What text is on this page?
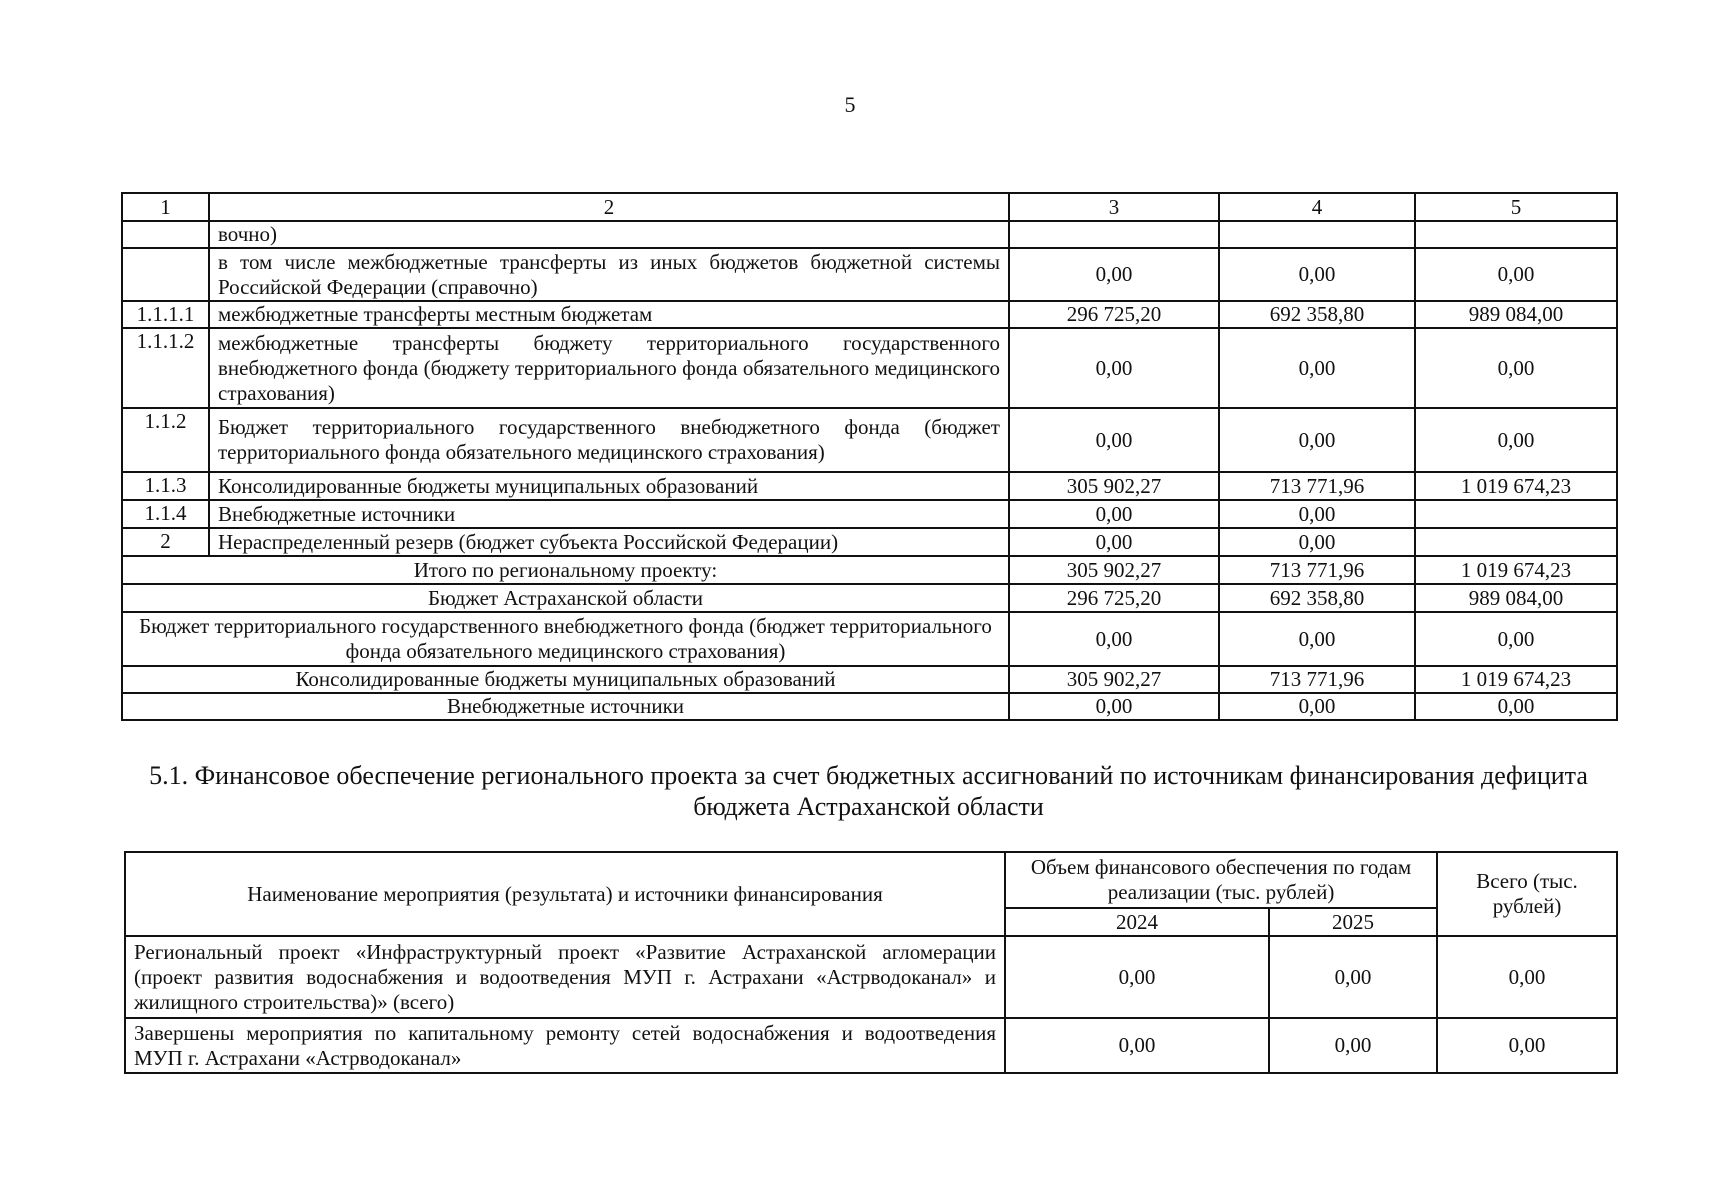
5
1	2	3	4	5
	вочно)			
	в том числе межбюджетные трансферты из иных бюджетов бюджетной системы Российской Федерации (справочно)	0,00	0,00	0,00
1.1.1.1	межбюджетные трансферты местным бюджетам	296 725,20	692 358,80	989 084,00
1.1.1.2	межбюджетные трансферты бюджету территориального государственного внебюджетного фонда (бюджету территориального фонда обязательного медицинского страхования)	0,00	0,00	0,00
1.1.2	Бюджет территориального государственного внебюджетного фонда (бюджет территориального фонда обязательного медицинского страхования)	0,00	0,00	0,00
1.1.3	Консолидированные бюджеты муниципальных образований	305 902,27	713 771,96	1 019 674,23
1.1.4	Внебюджетные источники	0,00	0,00	
2	Нераспределенный резерв (бюджет субъекта Российской Федерации)	0,00	0,00	
Итого по региональному проекту:		305 902,27	713 771,96	1 019 674,23
Бюджет Астраханской области		296 725,20	692 358,80	989 084,00
Бюджет территориального государственного внебюджетного фонда (бюджет территориального фонда обязательного медицинского страхования)		0,00	0,00	0,00
Консолидированные бюджеты муниципальных образований		305 902,27	713 771,96	1 019 674,23
Внебюджетные источники		0,00	0,00	0,00
5.1. Финансовое обеспечение регионального проекта за счет бюджетных ассигнований по источникам финансирования дефицита бюджета Астраханской области
Наименование мероприятия (результата) и источники финансирования	Объем финансового обеспечения по годам реализации (тыс. рублей)		Всего (тыс. рублей)
	2024	2025	
Региональный проект «Инфраструктурный проект «Развитие Астраханской агломерации (проект развития водоснабжения и водоотведения МУП г. Астрахани «Астрводоканал» и жилищного строительства)» (всего)	0,00	0,00	0,00
Завершены мероприятия по капитальному ремонту сетей водоснабжения и водоотведения МУП г. Астрахани «Астрводоканал»	0,00	0,00	0,00
